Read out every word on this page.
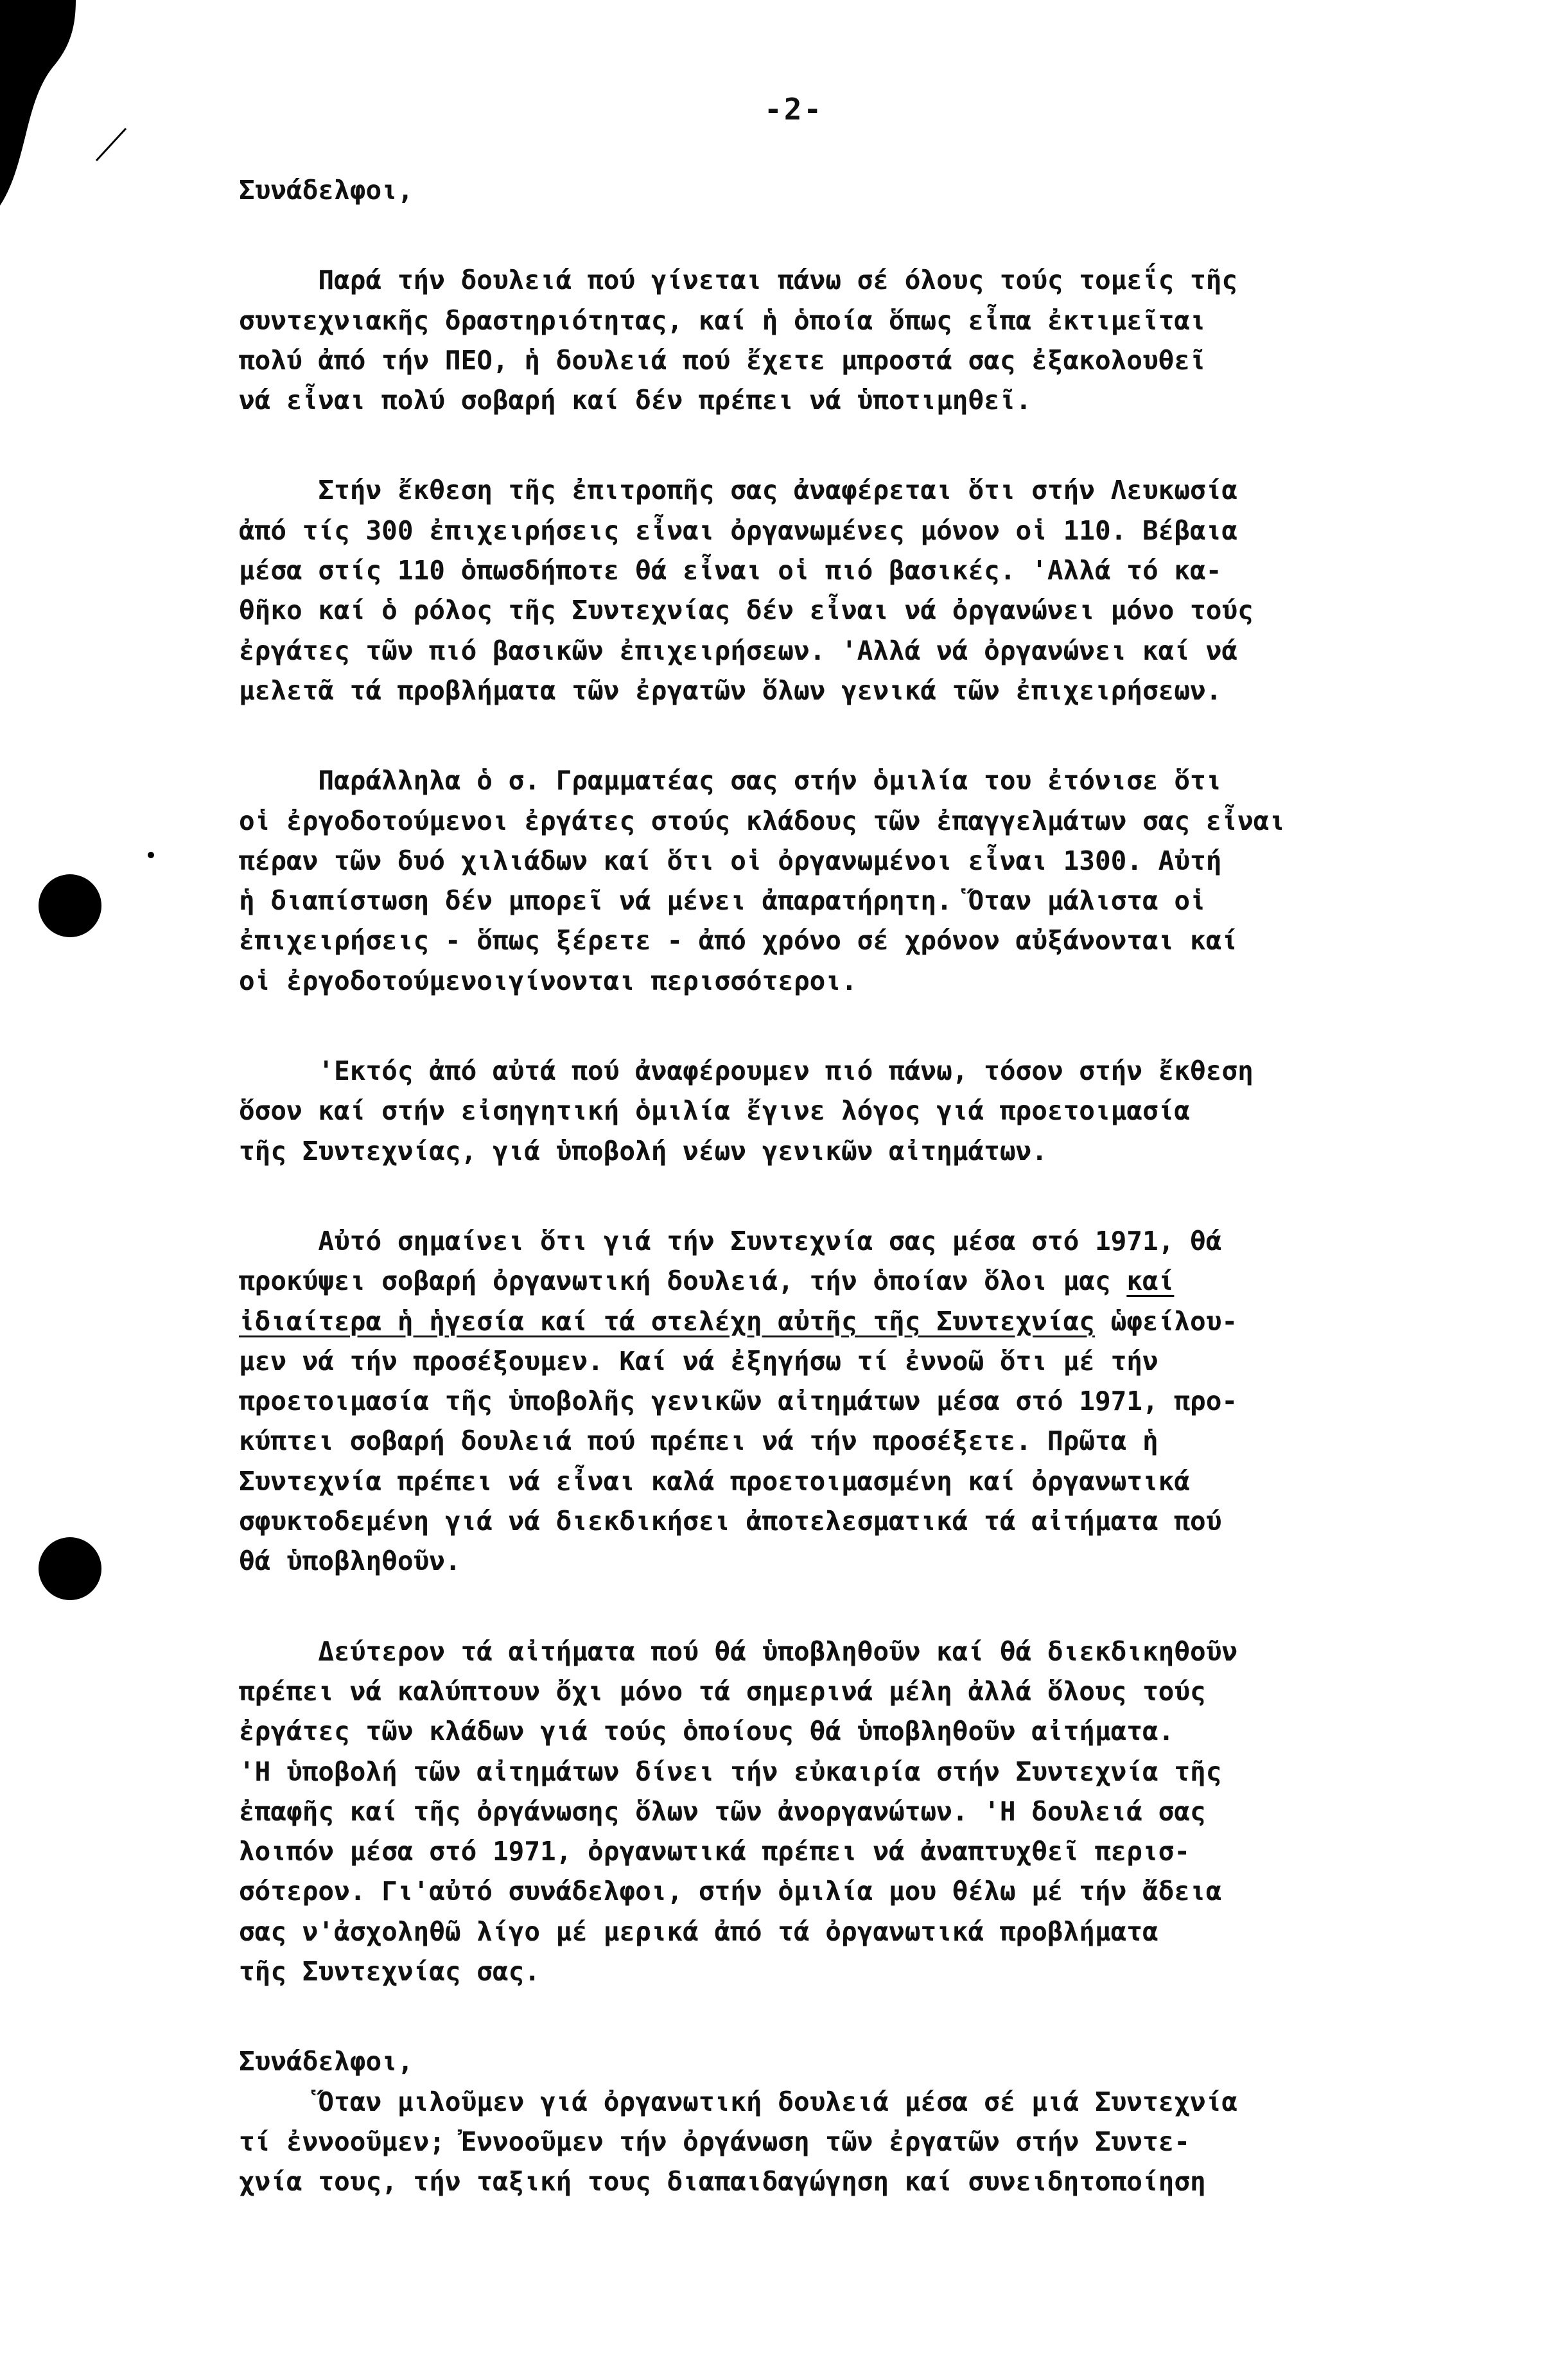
-2-
Συνάδελφοι,
Παρά τήν δουλειά πού γίνεται πάνω σέ όλους τούς τομεΐς τῆς
συντεχνιακῆς δραστηριότητας, καί ἡ ὁποία ὅπως εἶπα ἐκτιμεῖται
πολύ ἀπό τήν ΠΕΟ, ἡ δουλειά πού ἔχετε μπροστά σας ἐξακολουθεῖ
νά εἶναι πολύ σοβαρή καί δέν πρέπει νά ὑποτιμηθεῖ.
Στήν ἔκθεση τῆς ἐπιτροπῆς σας ἀναφέρεται ὅτι στήν Λευκωσία
ἀπό τίς 300 ἐπιχειρήσεις εἶναι ὀργανωμένες μόνον οἱ 110. Βέβαια
μέσα στίς 110 ὁπωσδήποτε θά εἶναι οἱ πιό βασικές. 'Αλλά τό κα-
θῆκο καί ὁ ρόλος τῆς Συντεχνίας δέν εἶναι νά ὀργανώνει μόνο τούς
ἐργάτες τῶν πιό βασικῶν ἐπιχειρήσεων. 'Αλλά νά ὀργανώνει καί νά
μελετᾶ τά προβλήματα τῶν ἐργατῶν ὅλων γενικά τῶν ἐπιχειρήσεων.
Παράλληλα ὁ σ. Γραμματέας σας στήν ὁμιλία του ἐτόνισε ὅτι
οἱ ἐργοδοτούμενοι ἐργάτες στούς κλάδους τῶν ἐπαγγελμάτων σας εἶναι
πέραν τῶν δυό χιλιάδων καί ὅτι οἱ ὀργανωμένοι εἶναι 1300. Αὐτή
ἡ διαπίστωση δέν μπορεῖ νά μένει ἀπαρατήρητη. Ὅταν μάλιστα οἱ
ἐπιχειρήσεις - ὅπως ξέρετε - ἀπό χρόνο σέ χρόνον αὐξάνονται καί
οἱ ἐργοδοτούμενοιγίνονται περισσότεροι.
'Εκτός ἀπό αὐτά πού ἀναφέρουμεν πιό πάνω, τόσον στήν ἔκθεση
ὅσον καί στήν εἰσηγητική ὁμιλία ἔγινε λόγος γιά προετοιμασία
τῆς Συντεχνίας, γιά ὑποβολή νέων γενικῶν αἰτημάτων.
Αὐτό σημαίνει ὅτι γιά τήν Συντεχνία σας μέσα στό 1971, θά
προκύψει σοβαρή ὀργανωτική δουλειά, τήν ὁποίαν ὅλοι μας καί
ἰδιαίτερα ἡ ἡγεσία καί τά στελέχη αὐτῆς τῆς Συντεχνίας ὡφείλου-
μεν νά τήν προσέξουμεν. Καί νά ἐξηγήσω τί ἐννοῶ ὅτι μέ τήν
προετοιμασία τῆς ὑποβολῆς γενικῶν αἰτημάτων μέσα στό 1971, προ-
κύπτει σοβαρή δουλειά πού πρέπει νά τήν προσέξετε. Πρῶτα ἡ
Συντεχνία πρέπει νά εἶναι καλά προετοιμασμένη καί ὀργανωτικά
σφυκτοδεμένη γιά νά διεκδικήσει ἀποτελεσματικά τά αἰτήματα πού
θά ὑποβληθοῦν.
Δεύτερον τά αἰτήματα πού θά ὑποβληθοῦν καί θά διεκδικηθοῦν
πρέπει νά καλύπτουν ὄχι μόνο τά σημερινά μέλη ἀλλά ὅλους τούς
ἐργάτες τῶν κλάδων γιά τούς ὁποίους θά ὑποβληθοῦν αἰτήματα.
'Η ὑποβολή τῶν αἰτημάτων δίνει τήν εὐκαιρία στήν Συντεχνία τῆς
ἐπαφῆς καί τῆς ὀργάνωσης ὅλων τῶν ἀνοργανώτων. 'Η δουλειά σας
λοιπόν μέσα στό 1971, ὀργανωτικά πρέπει νά ἀναπτυχθεῖ περισ-
σότερον. Γι'αὐτό συνάδελφοι, στήν ὁμιλία μου θέλω μέ τήν ἄδεια
σας ν'ἀσχοληθῶ λίγο μέ μερικά ἀπό τά ὀργανωτικά προβλήματα
τῆς Συντεχνίας σας.
Συνάδελφοι,
Ὅταν μιλοῦμεν γιά ὀργανωτική δουλειά μέσα σέ μιά Συντεχνία
τί ἐννοοῦμεν; Ἐννοοῦμεν τήν ὀργάνωση τῶν ἐργατῶν στήν Συντε-
χνία τους, τήν ταξική τους διαπαιδαγώγηση καί συνειδητοποίηση
